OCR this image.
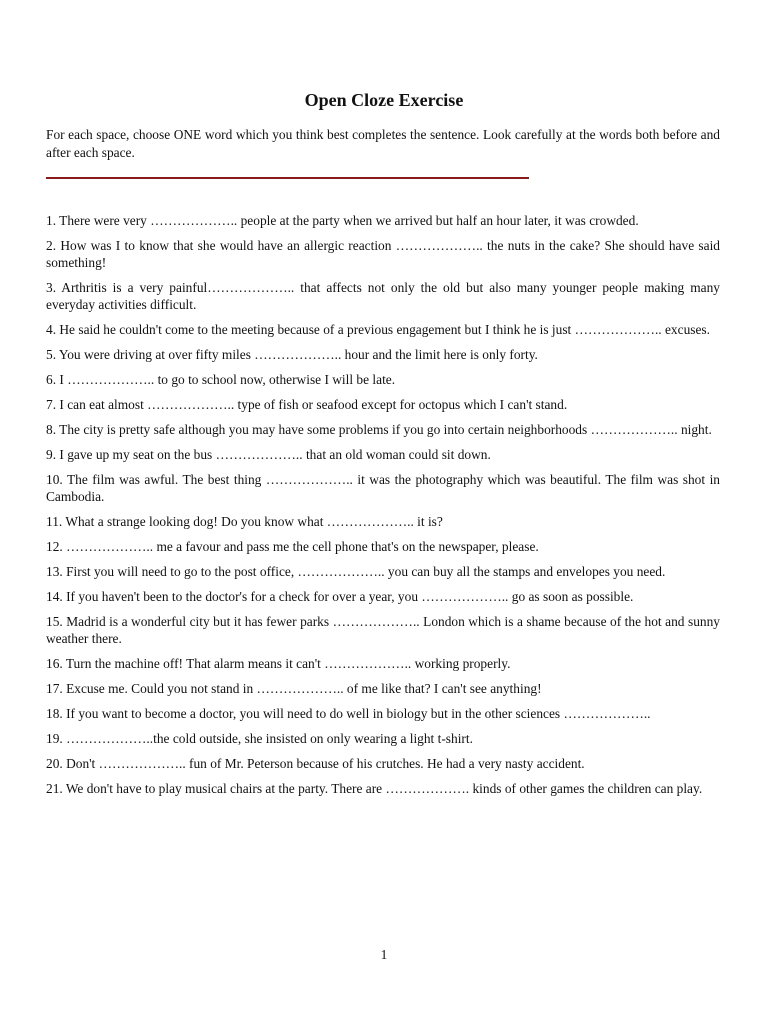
Open Cloze Exercise
For each space, choose ONE word which you think best completes the sentence. Look carefully at the words both before and after each space.
1. There were very ……………….. people at the party when we arrived but half an hour later, it was crowded.
2. How was I to know that she would have an allergic reaction ……………….. the nuts in the cake? She should have said something!
3. Arthritis is a very painful……………….. that affects not only the old but also many younger people making many everyday activities difficult.
4. He said he couldn't come to the meeting because of a previous engagement but I think he is just ……………….. excuses.
5. You were driving at over fifty miles ……………….. hour and the limit here is only forty.
6. I ……………….. to go to school now, otherwise I will be late.
7. I can eat almost ……………….. type of fish or seafood except for octopus which I can't stand.
8. The city is pretty safe although you may have some problems if you go into certain neighborhoods ……………….. night.
9. I gave up my seat on the bus ……………….. that an old woman could sit down.
10. The film was awful. The best thing ……………….. it was the photography which was beautiful. The film was shot in Cambodia.
11. What a strange looking dog! Do you know what ……………….. it is?
12. ……………….. me a favour and pass me the cell phone that's on the newspaper, please.
13. First you will need to go to the post office, ……………….. you can buy all the stamps and envelopes you need.
14. If you haven't been to the doctor's for a check for over a year, you ……………….. go as soon as possible.
15. Madrid is a wonderful city but it has fewer parks ……………….. London which is a shame because of the hot and sunny weather there.
16. Turn the machine off! That alarm means it can't ……………….. working properly.
17. Excuse me. Could you not stand in ……………….. of me like that? I can't see anything!
18. If you want to become a doctor, you will need to do well in biology but in the other sciences ………………..
19. ………………..the cold outside, she insisted on only wearing a light t-shirt.
20. Don't ……………….. fun of Mr. Peterson because of his crutches. He had a very nasty accident.
21. We don't have to play musical chairs at the party. There are ………………. kinds of other games the children can play.
1
